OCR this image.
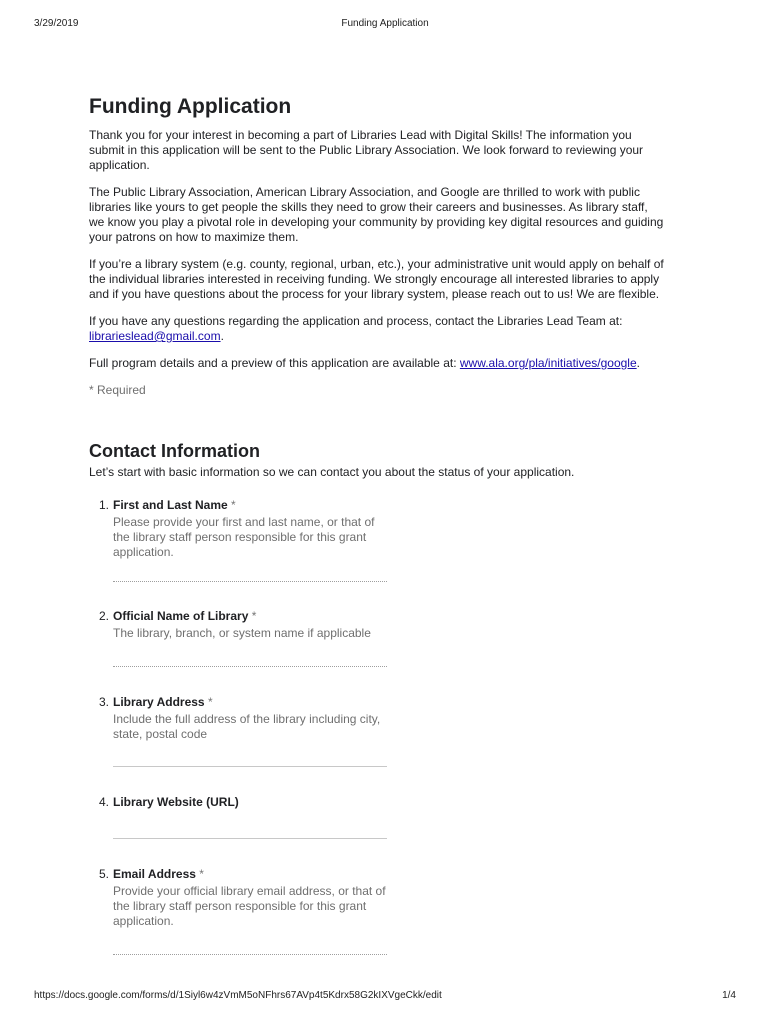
3/29/2019	Funding Application
Funding Application

Thank you for your interest in becoming a part of Libraries Lead with Digital Skills! The information you submit in this application will be sent to the Public Library Association. We look forward to reviewing your application.

The Public Library Association, American Library Association, and Google are thrilled to work with public libraries like yours to get people the skills they need to grow their careers and businesses. As library staff, we know you play a pivotal role in developing your community by providing key digital resources and guiding your patrons on how to maximize them.

If you’re a library system (e.g. county, regional, urban, etc.), your administrative unit would apply on behalf of the individual libraries interested in receiving funding. We strongly encourage all interested libraries to apply and if you have questions about the process for your library system, please reach out to us! We are flexible.

If you have any questions regarding the application and process, contact the Libraries Lead Team at: librarieslead@gmail.com.

Full program details and a preview of this application are available at: www.ala.org/pla/initiatives/google.

* Required

Contact Information

Let’s start with basic information so we can contact you about the status of your application.

1. First and Last Name *
Please provide your first and last name, or that of the library staff person responsible for this grant application.
2. Official Name of Library *
The library, branch, or system name if applicable
3. Library Address *
Include the full address of the library including city, state, postal code
4. Library Website (URL)
5. Email Address *
Provide your official library email address, or that of the library staff person responsible for this grant application.
https://docs.google.com/forms/d/1Siyl6w4zVmM5oNFhrs67AVp4t5Kdrx58G2kIXVgeCkk/edit	1/4
